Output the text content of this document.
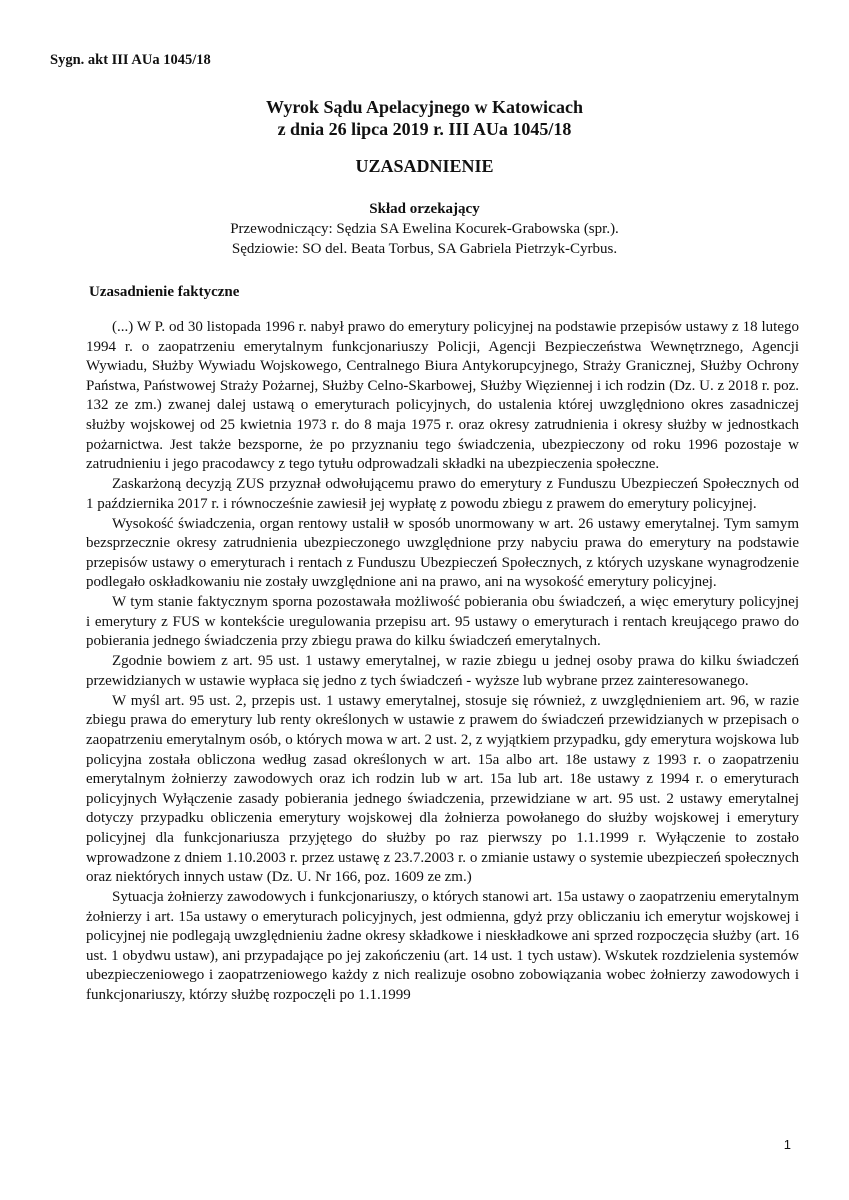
Sygn. akt III AUa 1045/18
Wyrok Sądu Apelacyjnego w Katowicach
z dnia 26 lipca 2019 r. III AUa 1045/18
UZASADNIENIE
Skład orzekający
Przewodniczący: Sędzia SA Ewelina Kocurek-Grabowska (spr.).
Sędziowie: SO del. Beata Torbus, SA Gabriela Pietrzyk-Cyrbus.
Uzasadnienie faktyczne

(...) W P. od 30 listopada 1996 r. nabył prawo do emerytury policyjnej na podstawie przepisów ustawy z 18 lutego 1994 r. o zaopatrzeniu emerytalnym funkcjonariuszy Policji, Agencji Bezpieczeństwa Wewnętrznego, Agencji Wywiadu, Służby Wywiadu Wojskowego, Centralnego Biura Antykorupcyjnego, Straży Granicznej, Służby Ochrony Państwa, Państwowej Straży Pożarnej, Służby Celno-Skarbowej, Służby Więziennej i ich rodzin (Dz. U. z 2018 r. poz. 132 ze zm.) zwanej dalej ustawą o emeryturach policyjnych, do ustalenia której uwzględniono okres zasadniczej służby wojskowej od 25 kwietnia 1973 r. do 8 maja 1975 r. oraz okresy zatrudnienia i okresy służby w jednostkach pożarnictwa. Jest także bezsporne, że po przyznaniu tego świadczenia, ubezpieczony od roku 1996 pozostaje w zatrudnieniu i jego pracodawcy z tego tytułu odprowadzali składki na ubezpieczenia społeczne.

Zaskarżoną decyzją ZUS przyznał odwołującemu prawo do emerytury z Funduszu Ubezpieczeń Społecznych od 1 października 2017 r. i równocześnie zawiesił jej wypłatę z powodu zbiegu z prawem do emerytury policyjnej.

Wysokość świadczenia, organ rentowy ustalił w sposób unormowany w art. 26 ustawy emerytalnej. Tym samym bezsprzecznie okresy zatrudnienia ubezpieczonego uwzględnione przy nabyciu prawa do emerytury na podstawie przepisów ustawy o emeryturach i rentach z Funduszu Ubezpieczeń Społecznych, z których uzyskane wynagrodzenie podlegało oskładkowaniu nie zostały uwzględnione ani na prawo, ani na wysokość emerytury policyjnej.

W tym stanie faktycznym sporna pozostawała możliwość pobierania obu świadczeń, a więc emerytury policyjnej i emerytury z FUS w kontekście uregulowania przepisu art. 95 ustawy o emeryturach i rentach kreującego prawo do pobierania jednego świadczenia przy zbiegu prawa do kilku świadczeń emerytalnych.

Zgodnie bowiem z art. 95 ust. 1 ustawy emerytalnej, w razie zbiegu u jednej osoby prawa do kilku świadczeń przewidzianych w ustawie wypłaca się jedno z tych świadczeń - wyższe lub wybrane przez zainteresowanego.

W myśl art. 95 ust. 2, przepis ust. 1 ustawy emerytalnej, stosuje się również, z uwzględnieniem art. 96, w razie zbiegu prawa do emerytury lub renty określonych w ustawie z prawem do świadczeń przewidzianych w przepisach o zaopatrzeniu emerytalnym osób, o których mowa w art. 2 ust. 2, z wyjątkiem przypadku, gdy emerytura wojskowa lub policyjna została obliczona według zasad określonych w art. 15a albo art. 18e ustawy z 1993 r. o zaopatrzeniu emerytalnym żołnierzy zawodowych oraz ich rodzin lub w art. 15a lub art. 18e ustawy z 1994 r. o emeryturach policyjnych Wyłączenie zasady pobierania jednego świadczenia, przewidziane w art. 95 ust. 2 ustawy emerytalnej dotyczy przypadku obliczenia emerytury wojskowej dla żołnierza powołanego do służby wojskowej i emerytury policyjnej dla funkcjonariusza przyjętego do służby po raz pierwszy po 1.1.1999 r. Wyłączenie to zostało wprowadzone z dniem 1.10.2003 r. przez ustawę z 23.7.2003 r. o zmianie ustawy o systemie ubezpieczeń społecznych oraz niektórych innych ustaw (Dz. U. Nr 166, poz. 1609 ze zm.)

Sytuacja żołnierzy zawodowych i funkcjonariuszy, o których stanowi art. 15a ustawy o zaopatrzeniu emerytalnym żołnierzy i art. 15a ustawy o emeryturach policyjnych, jest odmienna, gdyż przy obliczaniu ich emerytur wojskowej i policyjnej nie podlegają uwzględnieniu żadne okresy składkowe i nieskładkowe ani sprzed rozpoczęcia służby (art. 16 ust. 1 obydwu ustaw), ani przypadające po jej zakończeniu (art. 14 ust. 1 tych ustaw). Wskutek rozdzielenia systemów ubezpieczeniowego i zaopatrzeniowego każdy z nich realizuje osobno zobowiązania wobec żołnierzy zawodowych i funkcjonariuszy, którzy służbę rozpoczęli po 1.1.1999

1
